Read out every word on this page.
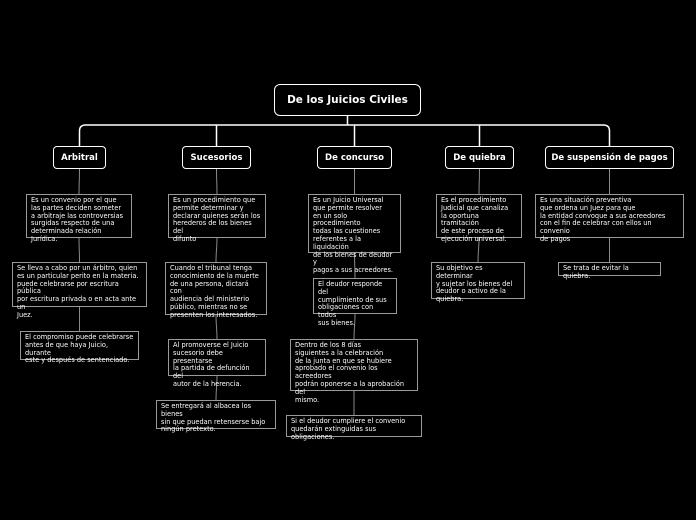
De los Juicios Civiles
Arbitral	Sucesorios	De concurso	De quiebra	De suspensión de pagos
Es un convenio por el que
las partes deciden someter
a arbitraje las controversias
surgidas respecto de una
determinada relación Jurídica.
Se lleva a cabo por un árbitro, quien
es un particular perito en la materia.
puede celebrarse por escritura pública
por escritura privada o en acta ante un
Juez.
El compromiso puede celebrarse
antes de que haya Juicio, durante
este y después de sentenciado.
Es un procedimiento que
permite determinar y
declarar quienes serán los
herederos de los bienes del
difunto
Cuando el tribunal tenga
conocimiento de la muerte
de una persona, dictará con
audiencia del ministerio
público, mientras no se
presenten los interesados.
Al promoverse el Juicio
sucesorio debe presentarse
la partida de defunción del
autor de la herencia.
Se entregará al albacea los bienes
sin que puedan retenserse bajo
ningún pretexto.
Es un Juicio Universal
que permite resolver
en un solo procedimiento
todas las cuestiones
referentes a la liquidación
de los bienes de deudor y
pagos a sus acreedores.
El deudor responde del
cumplimiento de sus
obligaciones con todos
sus bienes.
Dentro de los 8 días
siguientes a la celebración
de la junta en que se hubiere
aprobado el convenio los acreedores
podrán oponerse a la aprobación del
mismo.
Si el deudor cumpliere el convenio
quedarán extinguidas sus obligaciones.
Es el procedimiento
Judicial que canaliza
la oportuna tramitación
de este proceso de
ejecución universal.
Su objetivo es determinar
y sujetar los bienes del
deudor o activo de la
quiebra.
Es una situación preventiva
que ordena un Juez para que
la entidad convoque a sus acreedores
con el fin de celebrar con ellos un convenio
de pagos
Se trata de evitar la quiebra.
